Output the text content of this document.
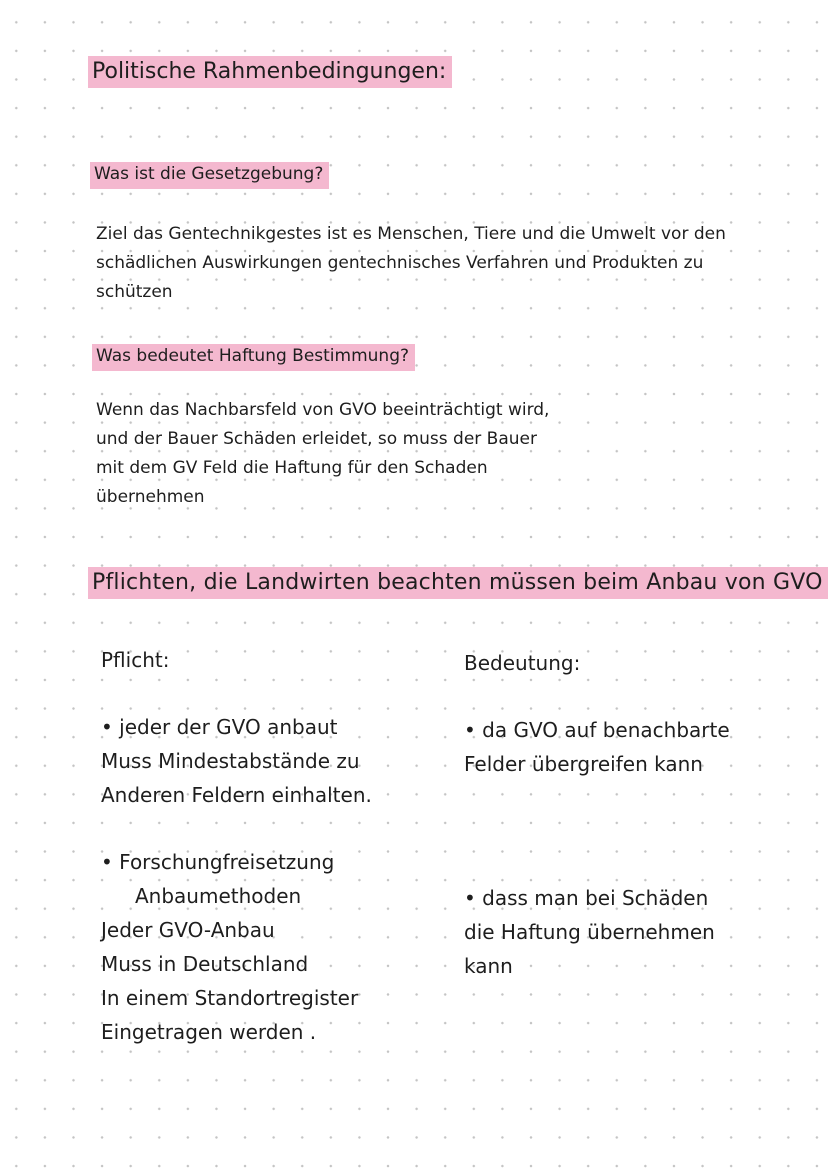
Politische Rahmenbedingungen:
Was ist die Gesetzgebung?
Ziel das Gentechnikgestes ist es Menschen, Tiere und die Umwelt vor den
schädlichen Auswirkungen gentechnisches Verfahren und Produkten zu
schützen
Was bedeutet Haftung Bestimmung?
Wenn das Nachbarsfeld von GVO beeinträchtigt wird,
und der Bauer Schäden erleidet, so muss der Bauer
mit dem GV Feld die Haftung für den Schaden
übernehmen
Pflichten, die Landwirten beachten müssen beim Anbau von GVO
Pflicht:	Bedeutung:
• jeder der GVO anbaut
Muss Mindestabstände zu
Anderen Feldern einhalten.
• Forschungfreisetzung
Anbaumethoden
Jeder GVO-Anbau
Muss in Deutschland
In einem Standortregister
Eingetragen werden .
• da GVO auf benachbarte
Felder übergreifen kann
• dass man bei Schäden
die Haftung übernehmen
kann
